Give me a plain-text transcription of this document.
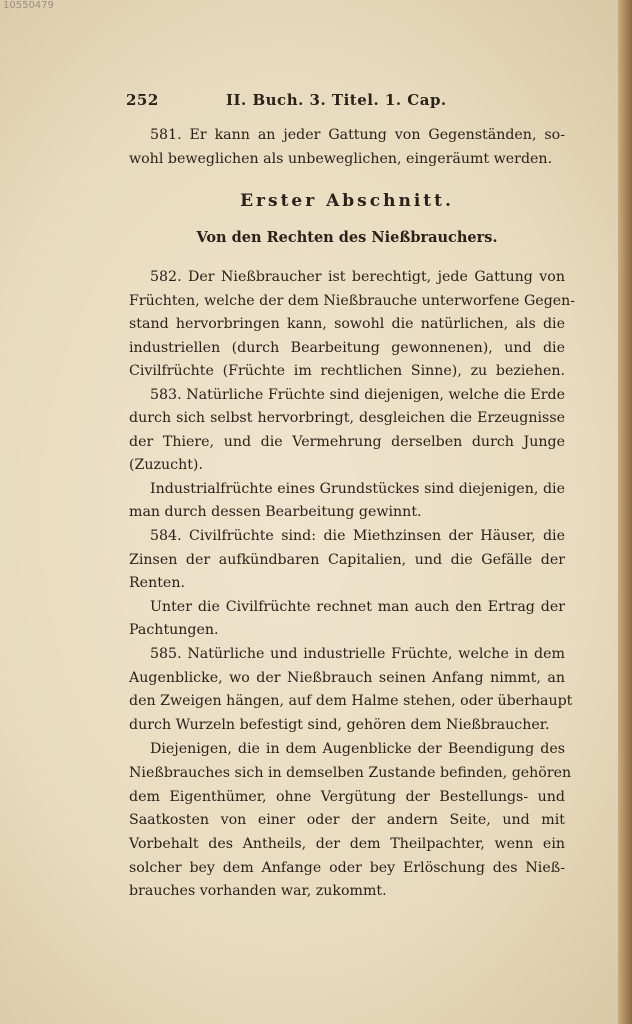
10550479
252	II. Buch. 3. Titel. 1. Cap.
581. Er kann an jeder Gattung von Gegenständen, so-
wohl beweglichen als unbeweglichen, eingeräumt werden.
Erster Abschnitt.
Von den Rechten des Nießbrauchers.
582. Der Nießbraucher ist berechtigt, jede Gattung von
Früchten, welche der dem Nießbrauche unterworfene Gegen-
stand hervorbringen kann, sowohl die natürlichen, als die
industriellen (durch Bearbeitung gewonnenen), und die
Civilfrüchte (Früchte im rechtlichen Sinne), zu beziehen.
583. Natürliche Früchte sind diejenigen, welche die Erde
durch sich selbst hervorbringt, desgleichen die Erzeugnisse
der Thiere, und die Vermehrung derselben durch Junge
(Zuzucht).
Industrialfrüchte eines Grundstückes sind diejenigen, die
man durch dessen Bearbeitung gewinnt.
584. Civilfrüchte sind: die Miethzinsen der Häuser, die
Zinsen der aufkündbaren Capitalien, und die Gefälle der
Renten.
Unter die Civilfrüchte rechnet man auch den Ertrag der
Pachtungen.
585. Natürliche und industrielle Früchte, welche in dem
Augenblicke, wo der Nießbrauch seinen Anfang nimmt, an
den Zweigen hängen, auf dem Halme stehen, oder überhaupt
durch Wurzeln befestigt sind, gehören dem Nießbraucher.
Diejenigen, die in dem Augenblicke der Beendigung des
Nießbrauches sich in demselben Zustande befinden, gehören
dem Eigenthümer, ohne Vergütung der Bestellungs- und
Saatkosten von einer oder der andern Seite, und mit
Vorbehalt des Antheils, der dem Theilpachter, wenn ein
solcher bey dem Anfange oder bey Erlöschung des Nieß-
brauches vorhanden war, zukommt.
